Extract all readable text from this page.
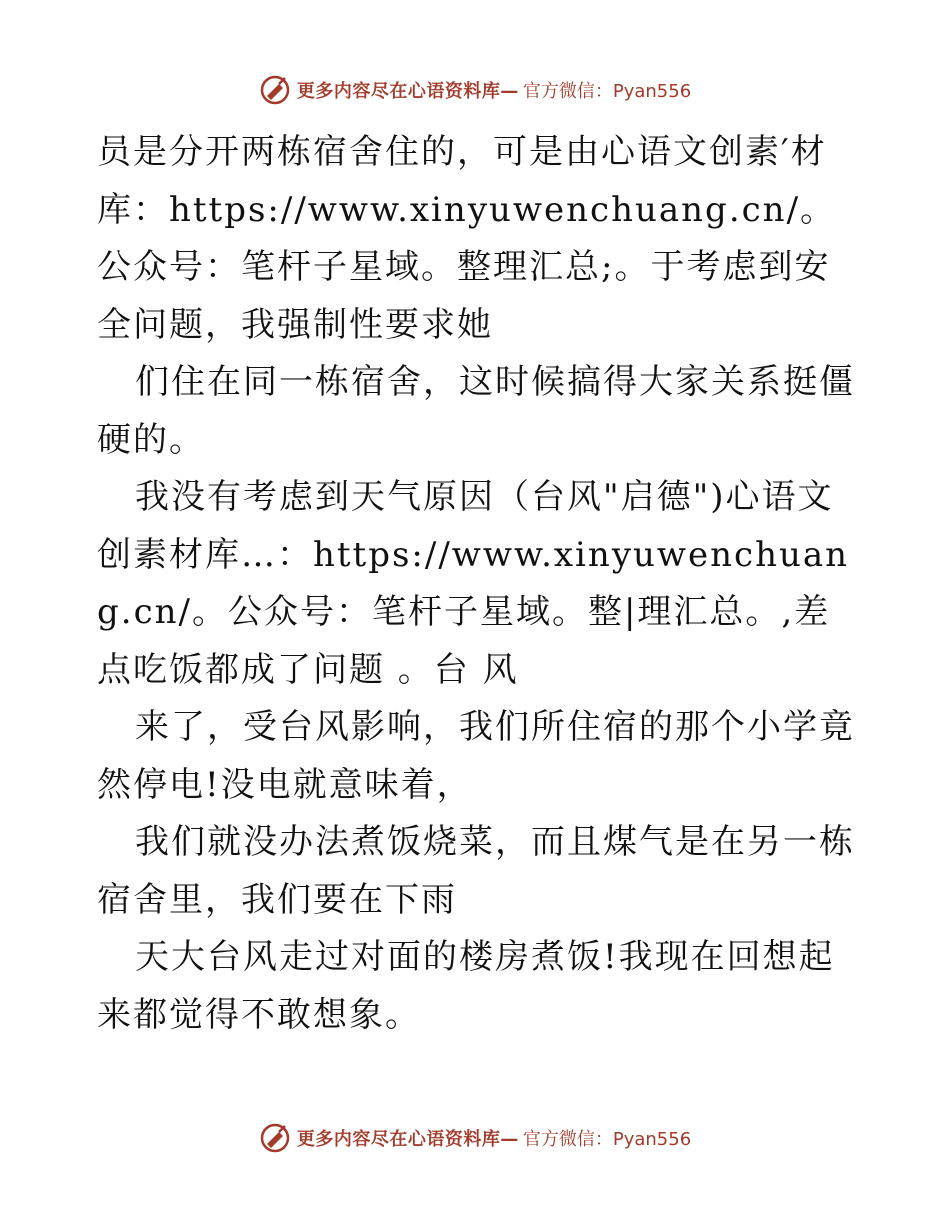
更多内容尽在心语资料库— 官方微信：Pyan556

员是分开两栋宿舍住的，可是由心语文创素′材库：https://www.xinyuwenchuang.cn/。公众号：笔杆子星域。整理汇总;。于考虑到安全问题，我强制性要求她

们住在同一栋宿舍，这时候搞得大家关系挺僵硬的。

我没有考虑到天气原因（台风"启德")心语文创素材库…：https://www.xinyuwenchuang.cn/。公众号：笔杆子星域。整|理汇总。,差点吃饭都成了问题 。台 风

来了，受台风影响，我们所住宿的那个小学竟然停电!没电就意味着，

我们就没办法煮饭烧菜，而且煤气是在另一栋宿舍里，我们要在下雨

天大台风走过对面的楼房煮饭!我现在回想起来都觉得不敢想象。

更多内容尽在心语资料库— 官方微信：Pyan556
